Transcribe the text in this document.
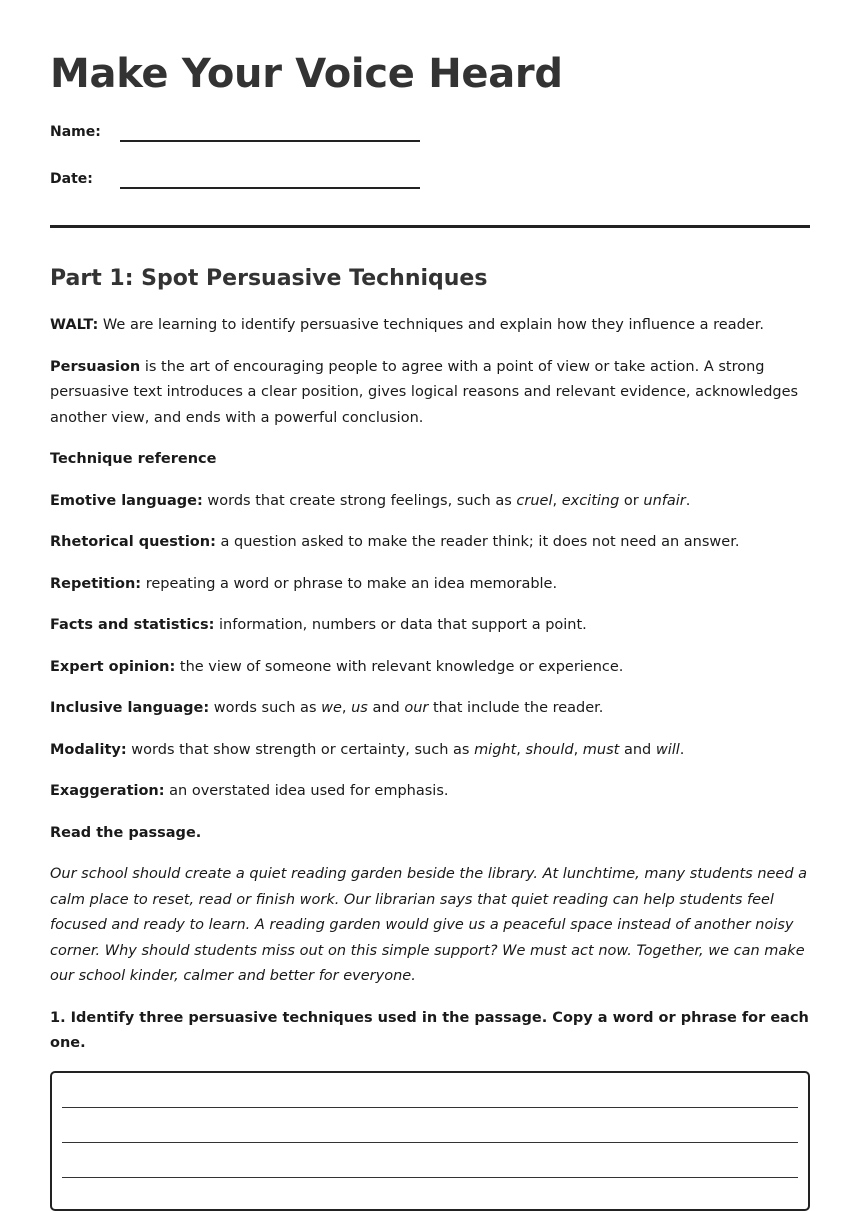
Make Your Voice Heard
Name:
Date:
Part 1: Spot Persuasive Techniques

WALT: We are learning to identify persuasive techniques and explain how they influence a reader.

Persuasion is the art of encouraging people to agree with a point of view or take action. A strong persuasive text introduces a clear position, gives logical reasons and relevant evidence, acknowledges another view, and ends with a powerful conclusion.

Technique reference

Emotive language: words that create strong feelings, such as cruel, exciting or unfair.

Rhetorical question: a question asked to make the reader think; it does not need an answer.

Repetition: repeating a word or phrase to make an idea memorable.

Facts and statistics: information, numbers or data that support a point.

Expert opinion: the view of someone with relevant knowledge or experience.

Inclusive language: words such as we, us and our that include the reader.

Modality: words that show strength or certainty, such as might, should, must and will.

Exaggeration: an overstated idea used for emphasis.

Read the passage.

Our school should create a quiet reading garden beside the library. At lunchtime, many students need a calm place to reset, read or finish work. Our librarian says that quiet reading can help students feel focused and ready to learn. A reading garden would give us a peaceful space instead of another noisy corner. Why should students miss out on this simple support? We must act now. Together, we can make our school kinder, calmer and better for everyone.

1. Identify three persuasive techniques used in the passage. Copy a word or phrase for each one.
